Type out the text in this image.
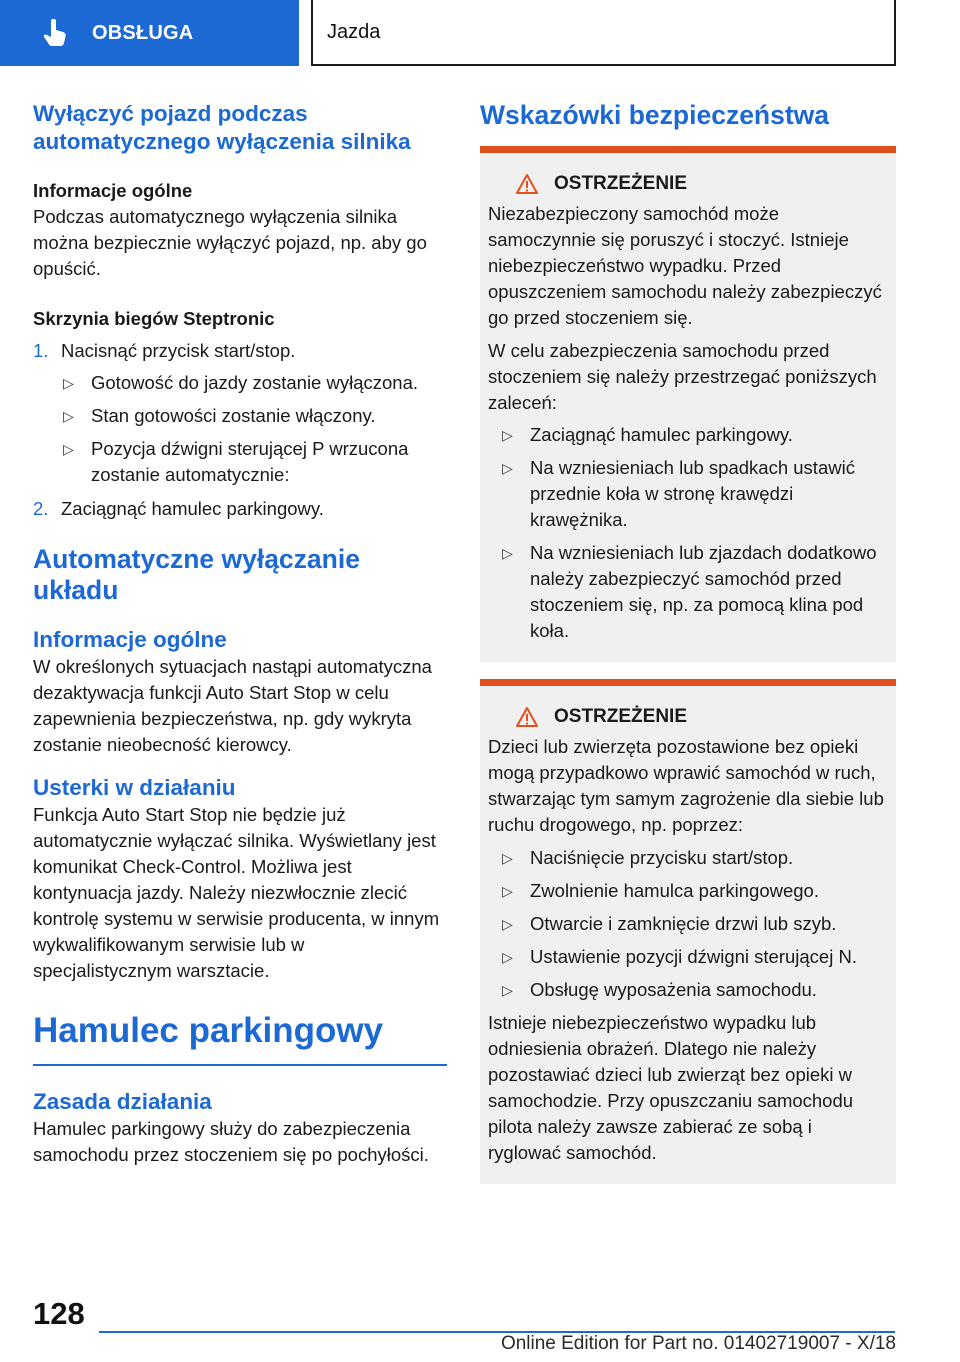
OBSŁUGA	Jazda
Wyłączyć pojazd podczas automatycznego wyłączenia silnika
Informacje ogólne
Podczas automatycznego wyłączenia silnika można bezpiecznie wyłączyć pojazd, np. aby go opuścić.
Skrzynia biegów Steptronic
1. Nacisnąć przycisk start/stop.
▷ Gotowość do jazdy zostanie wyłączona.
▷ Stan gotowości zostanie włączony.
▷ Pozycja dźwigni sterującej P wrzucona zostanie automatycznie:
2. Zaciągnąć hamulec parkingowy.
Automatyczne wyłączanie układu
Informacje ogólne
W określonych sytuacjach nastąpi automatyczna dezaktywacja funkcji Auto Start Stop w celu zapewnienia bezpieczeństwa, np. gdy wykryta zostanie nieobecność kierowcy.
Usterki w działaniu
Funkcja Auto Start Stop nie będzie już automatycznie wyłączać silnika. Wyświetlany jest komunikat Check-Control. Możliwa jest kontynuacja jazdy. Należy niezwłocznie zlecić kontrolę systemu w serwisie producenta, w innym wykwalifikowanym serwisie lub w specjalistycznym warsztacie.
Hamulec parkingowy
Zasada działania
Hamulec parkingowy służy do zabezpieczenia samochodu przez stoczeniem się po pochyłości.
Wskazówki bezpieczeństwa
OSTRZEŻENIE
Niezabezpieczony samochód może samoczynnie się poruszyć i stoczyć. Istnieje niebezpieczeństwo wypadku. Przed opuszczeniem samochodu należy zabezpieczyć go przed stoczeniem się.
W celu zabezpieczenia samochodu przed stoczeniem się należy przestrzegać poniższych zaleceń:
▷ Zaciągnąć hamulec parkingowy.
▷ Na wzniesieniach lub spadkach ustawić przednie koła w stronę krawędzi krawężnika.
▷ Na wzniesieniach lub zjazdach dodatkowo należy zabezpieczyć samochód przed stoczeniem się, np. za pomocą klina pod koła.
OSTRZEŻENIE
Dzieci lub zwierzęta pozostawione bez opieki mogą przypadkowo wprawić samochód w ruch, stwarzając tym samym zagrożenie dla siebie lub ruchu drogowego, np. poprzez:
▷ Naciśnięcie przycisku start/stop.
▷ Zwolnienie hamulca parkingowego.
▷ Otwarcie i zamknięcie drzwi lub szyb.
▷ Ustawienie pozycji dźwigni sterującej N.
▷ Obsługę wyposażenia samochodu.
Istnieje niebezpieczeństwo wypadku lub odniesienia obrażeń. Dlatego nie należy pozostawiać dzieci lub zwierząt bez opieki w samochodzie. Przy opuszczaniu samochodu pilota należy zawsze zabierać ze sobą i ryglować samochód.
128
Online Edition for Part no. 01402719007 - X/18
